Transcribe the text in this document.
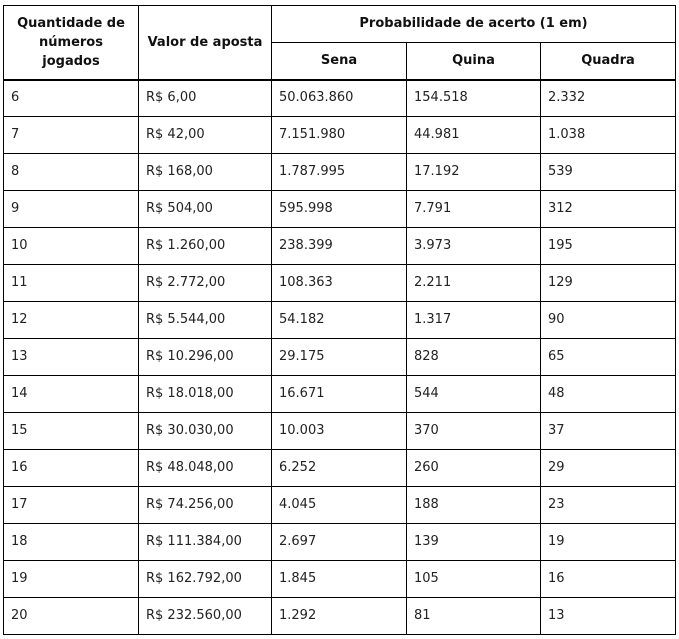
Quantidade de números jogados	Valor de aposta	Probabilidade de acerto (1 em)		
		Sena	Quina	Quadra
6	R$ 6,00	50.063.860	154.518	2.332
7	R$ 42,00	7.151.980	44.981	1.038
8	R$ 168,00	1.787.995	17.192	539
9	R$ 504,00	595.998	7.791	312
10	R$ 1.260,00	238.399	3.973	195
11	R$ 2.772,00	108.363	2.211	129
12	R$ 5.544,00	54.182	1.317	90
13	R$ 10.296,00	29.175	828	65
14	R$ 18.018,00	16.671	544	48
15	R$ 30.030,00	10.003	370	37
16	R$ 48.048,00	6.252	260	29
17	R$ 74.256,00	4.045	188	23
18	R$ 111.384,00	2.697	139	19
19	R$ 162.792,00	1.845	105	16
20	R$ 232.560,00	1.292	81	13
